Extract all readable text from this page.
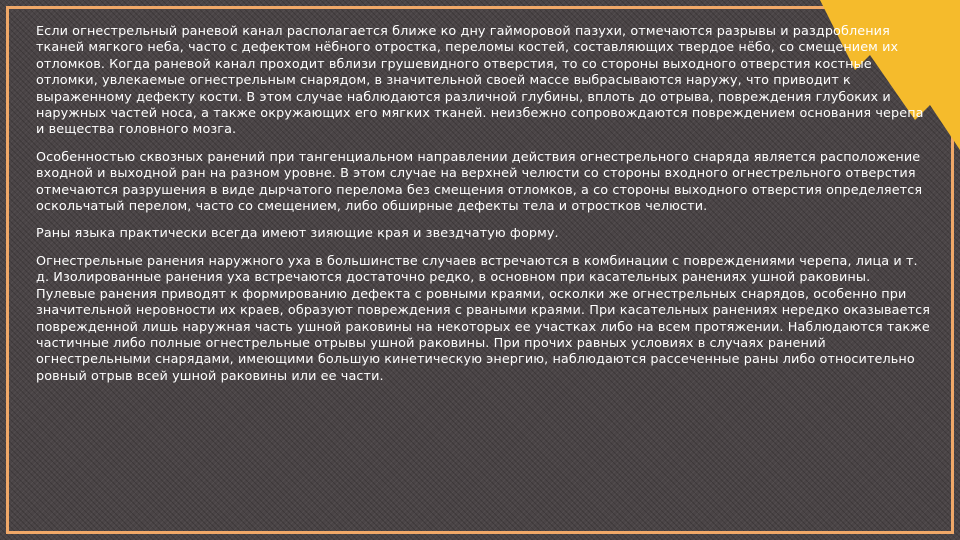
Если огнестрельный раневой канал располагается ближе ко дну гайморовой пазухи, отмечаются разрывы и раздробления тканей мягкого неба, часто с дефектом нёбного отростка, переломы костей, составляющих твердое нёбо, со смещением их отломков. Когда раневой канал проходит вблизи грушевидного отверстия, то со стороны выходного отверстия костные отломки, увлекаемые огнестрельным снарядом, в значительной своей массе выбрасываются наружу, что приводит к выраженному дефекту кости. В этом случае наблюдаются различной глубины, вплоть до отрыва, повреждения глубоких и наружных частей носа, а также окружающих его мягких тканей. неизбежно сопровождаются повреждением основания черепа и вещества головного мозга.

Особенностью сквозных ранений при тангенциальном направлении действия огнестрельного снаряда является расположение входной и выходной ран на разном уровне. В этом случае на верхней челюсти со стороны входного огнестрельного отверстия отмечаются разрушения в виде дырчатого перелома без смещения отломков, а со стороны выходного отверстия определяется оскольчатый перелом, часто со смещением, либо обширные дефекты тела и отростков челюсти.

Раны языка практически всегда имеют зияющие края и звездчатую форму.

Огнестрельные ранения наружного уха в большинстве случаев встречаются в комбинации с повреждениями черепа, лица и т. д. Изолированные ранения уха встречаются достаточно редко, в основном при касательных ранениях ушной раковины. Пулевые ранения приводят к формированию дефекта с ровными краями, осколки же огнестрельных снарядов, особенно при значительной неровности их краев, образуют повреждения с рваными краями. При касательных ранениях нередко оказывается поврежденной лишь наружная часть ушной раковины на некоторых ее участках либо на всем протяжении. Наблюдаются также частичные либо полные огнестрельные отрывы ушной раковины. При прочих равных условиях в случаях ранений огнестрельными снарядами, имеющими большую кинетическую энергию, наблюдаются рассеченные раны либо относительно ровный отрыв всей ушной раковины или ее части.
